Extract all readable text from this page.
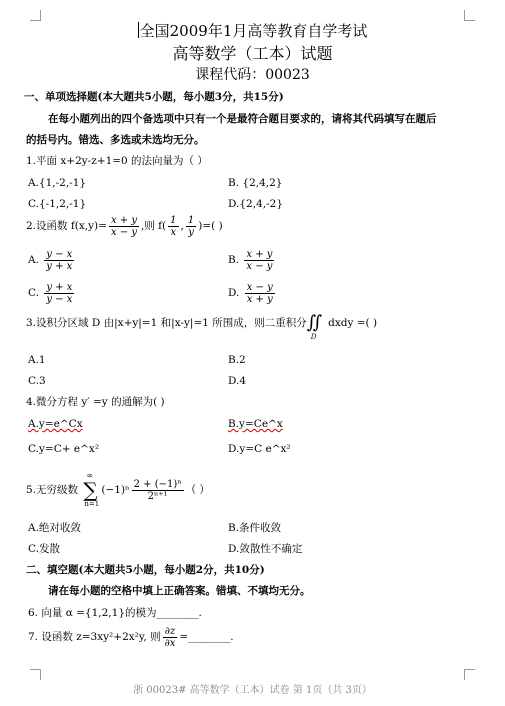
全国2009年1月高等教育自学考试
高等数学（工本）试题
课程代码：00023
一、单项选择题(本大题共5小题，每小题3分，共15分)
在每小题列出的四个备选项中只有一个是最符合题目要求的，请将其代码填写在题后
的括号内。错选、多选或未选均无分。
1.平面 x+2y-z+1=0 的法向量为（ ）
A.{1,-2,-1}	B. {2,4,2}
C.{-1,2,-1}	D.{2,4,-2}
2.设函数 $f(x,y)= \frac{x + y}{x - y}$ ,则 $f( \frac{1}{x}$ , $\frac{1}{y}$ )=( )
A. $\frac{y - x}{y + x}$	B. $\frac{x + y}{x - y}$
C. $\frac{y + x}{y - x}$	D. $\frac{x - y}{x + y}$
3.设积分区域 D 由|x+y|=1 和|x-y|=1 所围成，则二重积分∬
D
dxdy =( )
A.1	B.2
C.3	D.4
4.微分方程 y′ =y 的通解为( )
A.y=e^Cx	B.y=Ce^x
C.y=C+ e^x²	D.y=C e^x²
5.无穷级数
∞
∑
n=1
$(-1)^n \frac{\text{2 + (−1)ⁿ}}{\text{2ⁿ⁺¹}}$ （ ）
A.绝对收敛	B.条件收敛
C.发散	D.敛散性不确定
二、填空题(本大题共5小题，每小题2分，共10分)
请在每小题的空格中填上正确答案。错填、不填均无分。
6. 向量 α ={1,2,1}的模为________.
7. 设函数 z=3xy²+2x²y, 则 $\frac{\partial z}{\partial x}$ =________.
浙 00023# 高等数学（工本）试卷 第 1页（共 3页）
